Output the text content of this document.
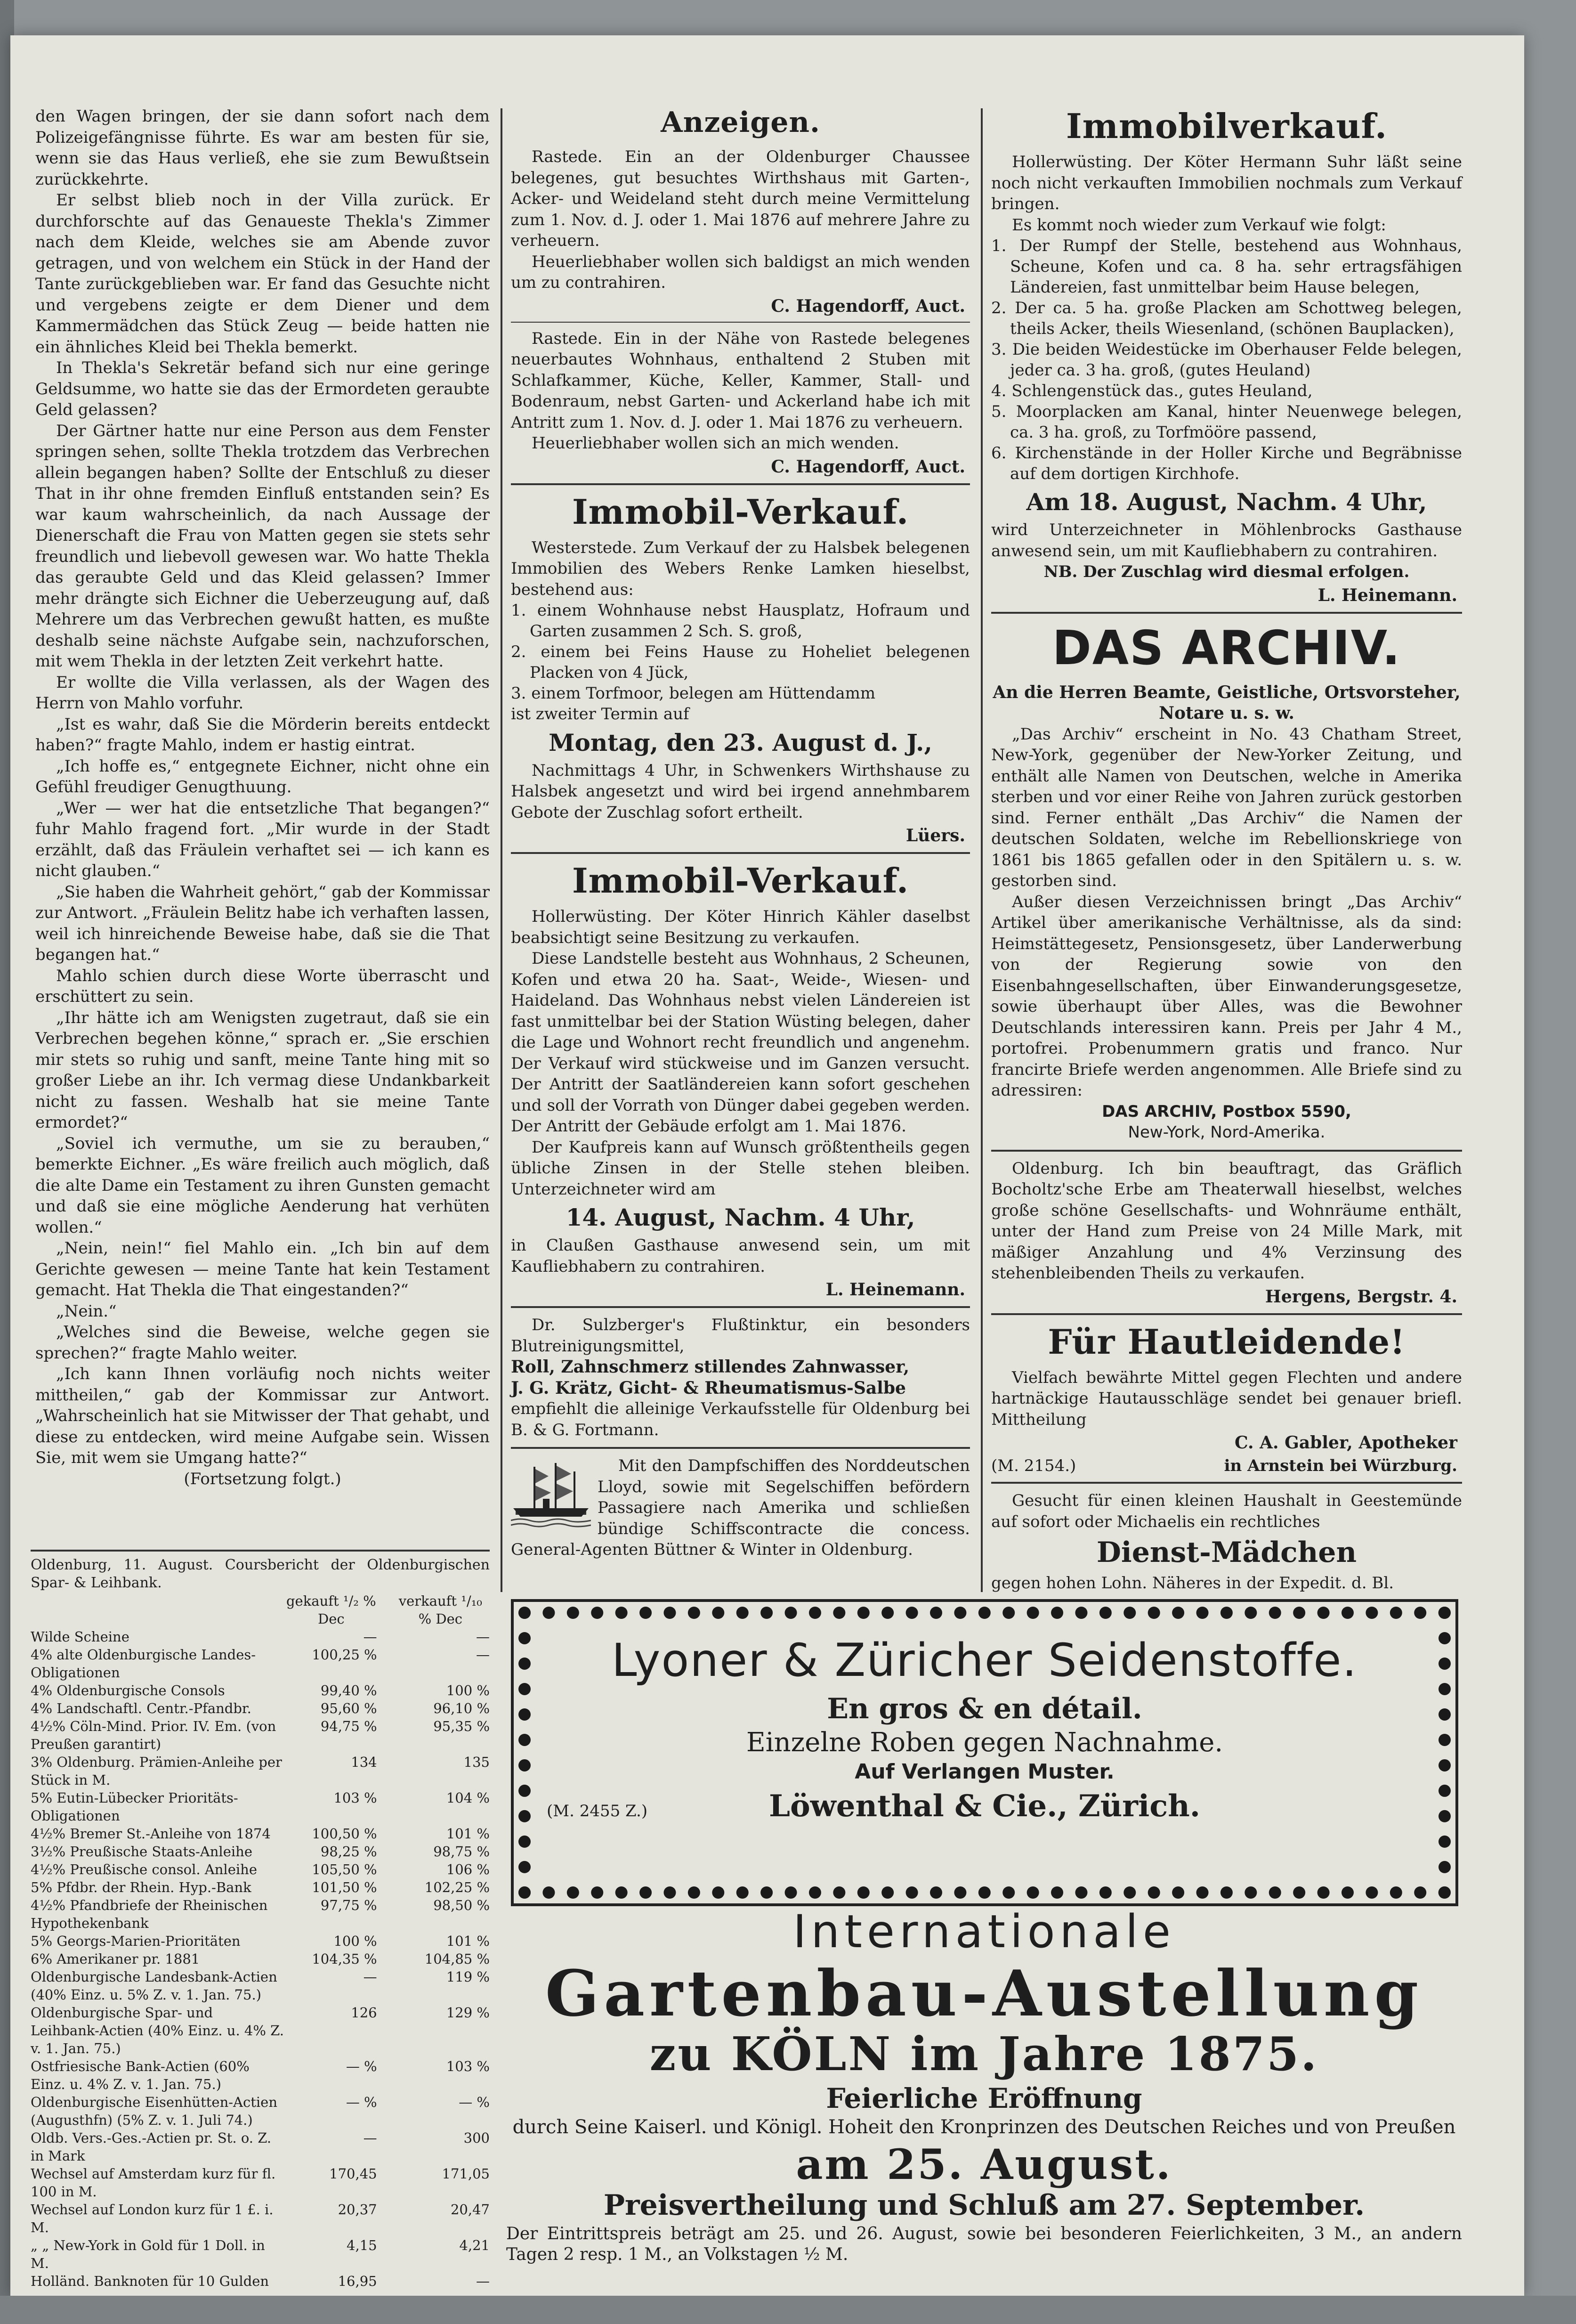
den Wagen bringen, der sie dann sofort nach dem Polizeigefängnisse führte. Es war am besten für sie, wenn sie das Haus verließ, ehe sie zum Bewußtsein zurückkehrte.

Er selbst blieb noch in der Villa zurück. Er durchforschte auf das Genaueste Thekla's Zimmer nach dem Kleide, welches sie am Abende zuvor getragen, und von welchem ein Stück in der Hand der Tante zurückgeblieben war. Er fand das Gesuchte nicht und vergebens zeigte er dem Diener und dem Kammermädchen das Stück Zeug — beide hatten nie ein ähnliches Kleid bei Thekla bemerkt.

In Thekla's Sekretär befand sich nur eine geringe Geldsumme, wo hatte sie das der Ermordeten geraubte Geld gelassen?

Der Gärtner hatte nur eine Person aus dem Fenster springen sehen, sollte Thekla trotzdem das Verbrechen allein begangen haben? Sollte der Entschluß zu dieser That in ihr ohne fremden Einfluß entstanden sein? Es war kaum wahrscheinlich, da nach Aussage der Dienerschaft die Frau von Matten gegen sie stets sehr freundlich und liebevoll gewesen war. Wo hatte Thekla das geraubte Geld und das Kleid gelassen? Immer mehr drängte sich Eichner die Ueberzeugung auf, daß Mehrere um das Verbrechen gewußt hatten, es mußte deshalb seine nächste Aufgabe sein, nachzuforschen, mit wem Thekla in der letzten Zeit verkehrt hatte.

Er wollte die Villa verlassen, als der Wagen des Herrn von Mahlo vorfuhr.

„Ist es wahr, daß Sie die Mörderin bereits entdeckt haben?“ fragte Mahlo, indem er hastig eintrat.

„Ich hoffe es,“ entgegnete Eichner, nicht ohne ein Gefühl freudiger Genugthuung.

„Wer — wer hat die entsetzliche That begangen?“ fuhr Mahlo fragend fort. „Mir wurde in der Stadt erzählt, daß das Fräulein verhaftet sei — ich kann es nicht glauben.“

„Sie haben die Wahrheit gehört,“ gab der Kommissar zur Antwort. „Fräulein Belitz habe ich verhaften lassen, weil ich hinreichende Beweise habe, daß sie die That begangen hat.“

Mahlo schien durch diese Worte überrascht und erschüttert zu sein.

„Ihr hätte ich am Wenigsten zugetraut, daß sie ein Verbrechen begehen könne,“ sprach er. „Sie erschien mir stets so ruhig und sanft, meine Tante hing mit so großer Liebe an ihr. Ich vermag diese Undankbarkeit nicht zu fassen. Weshalb hat sie meine Tante ermordet?“

„Soviel ich vermuthe, um sie zu berauben,“ bemerkte Eichner. „Es wäre freilich auch möglich, daß die alte Dame ein Testament zu ihren Gunsten gemacht und daß sie eine mögliche Aenderung hat verhüten wollen.“

„Nein, nein!“ fiel Mahlo ein. „Ich bin auf dem Gerichte gewesen — meine Tante hat kein Testament gemacht. Hat Thekla die That eingestanden?“

„Nein.“

„Welches sind die Beweise, welche gegen sie sprechen?“ fragte Mahlo weiter.

„Ich kann Ihnen vorläufig noch nichts weiter mittheilen,“ gab der Kommissar zur Antwort. „Wahrscheinlich hat sie Mitwisser der That gehabt, und diese zu entdecken, wird meine Aufgabe sein. Wissen Sie, mit wem sie Umgang hatte?“

(Fortsetzung folgt.)

Oldenburg, 11. August. Coursbericht der Oldenburgischen Spar- & Leihbank.
	gekauft ¹/₂ % Dec	verkauft ¹/₁₀ % Dec
Wilde Scheine	—	—
4% alte Oldenburgische Landes-Obligationen	100,25 %	—
4% Oldenburgische Consols	99,40 %	100 %
4% Landschaftl. Centr.-Pfandbr.	95,60 %	96,10 %
4½% Cöln-Mind. Prior. IV. Em. (von Preußen garantirt)	94,75 %	95,35 %
3% Oldenburg. Prämien-Anleihe per Stück in M.	134	135
5% Eutin-Lübecker Prioritäts-Obligationen	103 %	104 %
4½% Bremer St.-Anleihe von 1874	100,50 %	101 %
3½% Preußische Staats-Anleihe	98,25 %	98,75 %
4½% Preußische consol. Anleihe	105,50 %	106 %
5% Pfdbr. der Rhein. Hyp.-Bank	101,50 %	102,25 %
4½% Pfandbriefe der Rheinischen Hypothekenbank	97,75 %	98,50 %
5% Georgs-Marien-Prioritäten	100 %	101 %
6% Amerikaner pr. 1881	104,35 %	104,85 %
Oldenburgische Landesbank-Actien (40% Einz. u. 5% Z. v. 1. Jan. 75.)	—	119 %
Oldenburgische Spar- und Leihbank-Actien (40% Einz. u. 4% Z. v. 1. Jan. 75.)	126	129 %
Ostfriesische Bank-Actien (60% Einz. u. 4% Z. v. 1. Jan. 75.)	— %	103 %
Oldenburgische Eisenhütten-Actien (Augusthfn) (5% Z. v. 1. Juli 74.)	— %	— %
Oldb. Vers.-Ges.-Actien pr. St. o. Z. in Mark	—	300
Wechsel auf Amsterdam kurz für fl. 100 in M.	170,45	171,05
Wechsel auf London kurz für 1 £. i. M.	20,37	20,47
„ „ New-York in Gold für 1 Doll. in M.	4,15	4,21
Holländ. Banknoten für 10 Gulden	16,95	—
Anzeigen.

Rastede. Ein an der Oldenburger Chaussee belegenes, gut besuchtes Wirthshaus mit Garten-, Acker- und Weideland steht durch meine Vermittelung zum 1. Nov. d. J. oder 1. Mai 1876 auf mehrere Jahre zu verheuern.

Heuerliebhaber wollen sich baldigst an mich wenden um zu contrahiren.

C. Hagendorff, Auct.

Rastede. Ein in der Nähe von Rastede belegenes neuerbautes Wohnhaus, enthaltend 2 Stuben mit Schlafkammer, Küche, Keller, Kammer, Stall- und Bodenraum, nebst Garten- und Ackerland habe ich mit Antritt zum 1. Nov. d. J. oder 1. Mai 1876 zu verheuern.

Heuerliebhaber wollen sich an mich wenden.

C. Hagendorff, Auct.
Immobil-Verkauf.

Westerstede. Zum Verkauf der zu Halsbek belegenen Immobilien des Webers Renke Lamken hieselbst, bestehend aus:

1. einem Wohnhause nebst Hausplatz, Hofraum und Garten zusammen 2 Sch. S. groß,

2. einem bei Feins Hause zu Hoheliet belegenen Placken von 4 Jück,

3. einem Torfmoor, belegen am Hüttendamm

ist zweiter Termin auf

Montag, den 23. August d. J.,

Nachmittags 4 Uhr, in Schwenkers Wirthshause zu Halsbek angesetzt und wird bei irgend annehmbarem Gebote der Zuschlag sofort ertheilt.

Lüers.
Immobil-Verkauf.

Hollerwüsting. Der Köter Hinrich Kähler daselbst beabsichtigt seine Besitzung zu verkaufen.

Diese Landstelle besteht aus Wohnhaus, 2 Scheunen, Kofen und etwa 20 ha. Saat-, Weide-, Wiesen- und Haideland. Das Wohnhaus nebst vielen Ländereien ist fast unmittelbar bei der Station Wüsting belegen, daher die Lage und Wohnort recht freundlich und angenehm. Der Verkauf wird stückweise und im Ganzen versucht. Der Antritt der Saatländereien kann sofort geschehen und soll der Vorrath von Dünger dabei gegeben werden. Der Antritt der Gebäude erfolgt am 1. Mai 1876.

Der Kaufpreis kann auf Wunsch größtentheils gegen übliche Zinsen in der Stelle stehen bleiben. Unterzeichneter wird am

14. August, Nachm. 4 Uhr,

in Claußen Gasthause anwesend sein, um mit Kaufliebhabern zu contrahiren.

L. Heinemann.

Dr. Sulzberger's Flußtinktur, ein besonders Blutreinigungsmittel,

Roll, Zahnschmerz stillendes Zahnwasser,

J. G. Krätz, Gicht- & Rheumatismus-Salbe

empfiehlt die alleinige Verkaufsstelle für Oldenburg bei B. & G. Fortmann.

Mit den Dampfschiffen des Norddeutschen Lloyd, sowie mit Segelschiffen befördern Passagiere nach Amerika und schließen bündige Schiffscontracte die concess. General-Agenten Büttner & Winter in Oldenburg.

Immobilverkauf.

Hollerwüsting. Der Köter Hermann Suhr läßt seine noch nicht verkauften Immobilien nochmals zum Verkauf bringen.

Es kommt noch wieder zum Verkauf wie folgt:

1. Der Rumpf der Stelle, bestehend aus Wohnhaus, Scheune, Kofen und ca. 8 ha. sehr ertragsfähigen Ländereien, fast unmittelbar beim Hause belegen,

2. Der ca. 5 ha. große Placken am Schottweg belegen, theils Acker, theils Wiesenland, (schönen Bauplacken),

3. Die beiden Weidestücke im Oberhauser Felde belegen, jeder ca. 3 ha. groß, (gutes Heuland)

4. Schlengenstück das., gutes Heuland,

5. Moorplacken am Kanal, hinter Neuenwege belegen, ca. 3 ha. groß, zu Torfmööre passend,

6. Kirchenstände in der Holler Kirche und Begräbnisse auf dem dortigen Kirchhofe.

Am 18. August, Nachm. 4 Uhr,

wird Unterzeichneter in Möhlenbrocks Gasthause anwesend sein, um mit Kaufliebhabern zu contrahiren.

NB. Der Zuschlag wird diesmal erfolgen.

L. Heinemann.
DAS ARCHIV.

An die Herren Beamte, Geistliche, Ortsvorsteher, Notare u. s. w.

„Das Archiv“ erscheint in No. 43 Chatham Street, New-York, gegenüber der New-Yorker Zeitung, und enthält alle Namen von Deutschen, welche in Amerika sterben und vor einer Reihe von Jahren zurück gestorben sind. Ferner enthält „Das Archiv“ die Namen der deutschen Soldaten, welche im Rebellionskriege von 1861 bis 1865 gefallen oder in den Spitälern u. s. w. gestorben sind.

Außer diesen Verzeichnissen bringt „Das Archiv“ Artikel über amerikanische Verhältnisse, als da sind: Heimstättegesetz, Pensionsgesetz, über Landerwerbung von der Regierung sowie von den Eisenbahngesellschaften, über Einwanderungsgesetze, sowie überhaupt über Alles, was die Bewohner Deutschlands interessiren kann. Preis per Jahr 4 M., portofrei. Probenummern gratis und franco. Nur francirte Briefe werden angenommen. Alle Briefe sind zu adressiren:

DAS ARCHIV, Postbox 5590,

New-York, Nord-Amerika.

Oldenburg. Ich bin beauftragt, das Gräflich Bocholtz'sche Erbe am Theaterwall hieselbst, welches große schöne Gesellschafts- und Wohnräume enthält, unter der Hand zum Preise von 24 Mille Mark, mit mäßiger Anzahlung und 4% Verzinsung des stehenbleibenden Theils zu verkaufen.

Hergens, Bergstr. 4.
Für Hautleidende!

Vielfach bewährte Mittel gegen Flechten und andere hartnäckige Hautausschläge sendet bei genauer briefl. Mittheilung

C. A. Gabler, Apotheker
(M. 2154.)	in Arnstein bei Würzburg.

Gesucht für einen kleinen Haushalt in Geestemünde auf sofort oder Michaelis ein rechtliches

Dienst-Mädchen

gegen hohen Lohn. Näheres in der Expedit. d. Bl.

Lyoner & Züricher Seidenstoffe.
En gros & en détail.
Einzelne Roben gegen Nachnahme.
Auf Verlangen Muster.
(M. 2455 Z.)	Löwenthal & Cie., Zürich.
Internationale
Gartenbau-Austellung
zu KÖLN im Jahre 1875.
Feierliche Eröffnung
durch Seine Kaiserl. und Königl. Hoheit den Kronprinzen des Deutschen Reiches und von Preußen
am 25. August.
Preisvertheilung und Schluß am 27. September.
Der Eintrittspreis beträgt am 25. und 26. August, sowie bei besonderen Feierlichkeiten, 3 M., an andern Tagen 2 resp. 1 M., an Volkstagen ½ M.
